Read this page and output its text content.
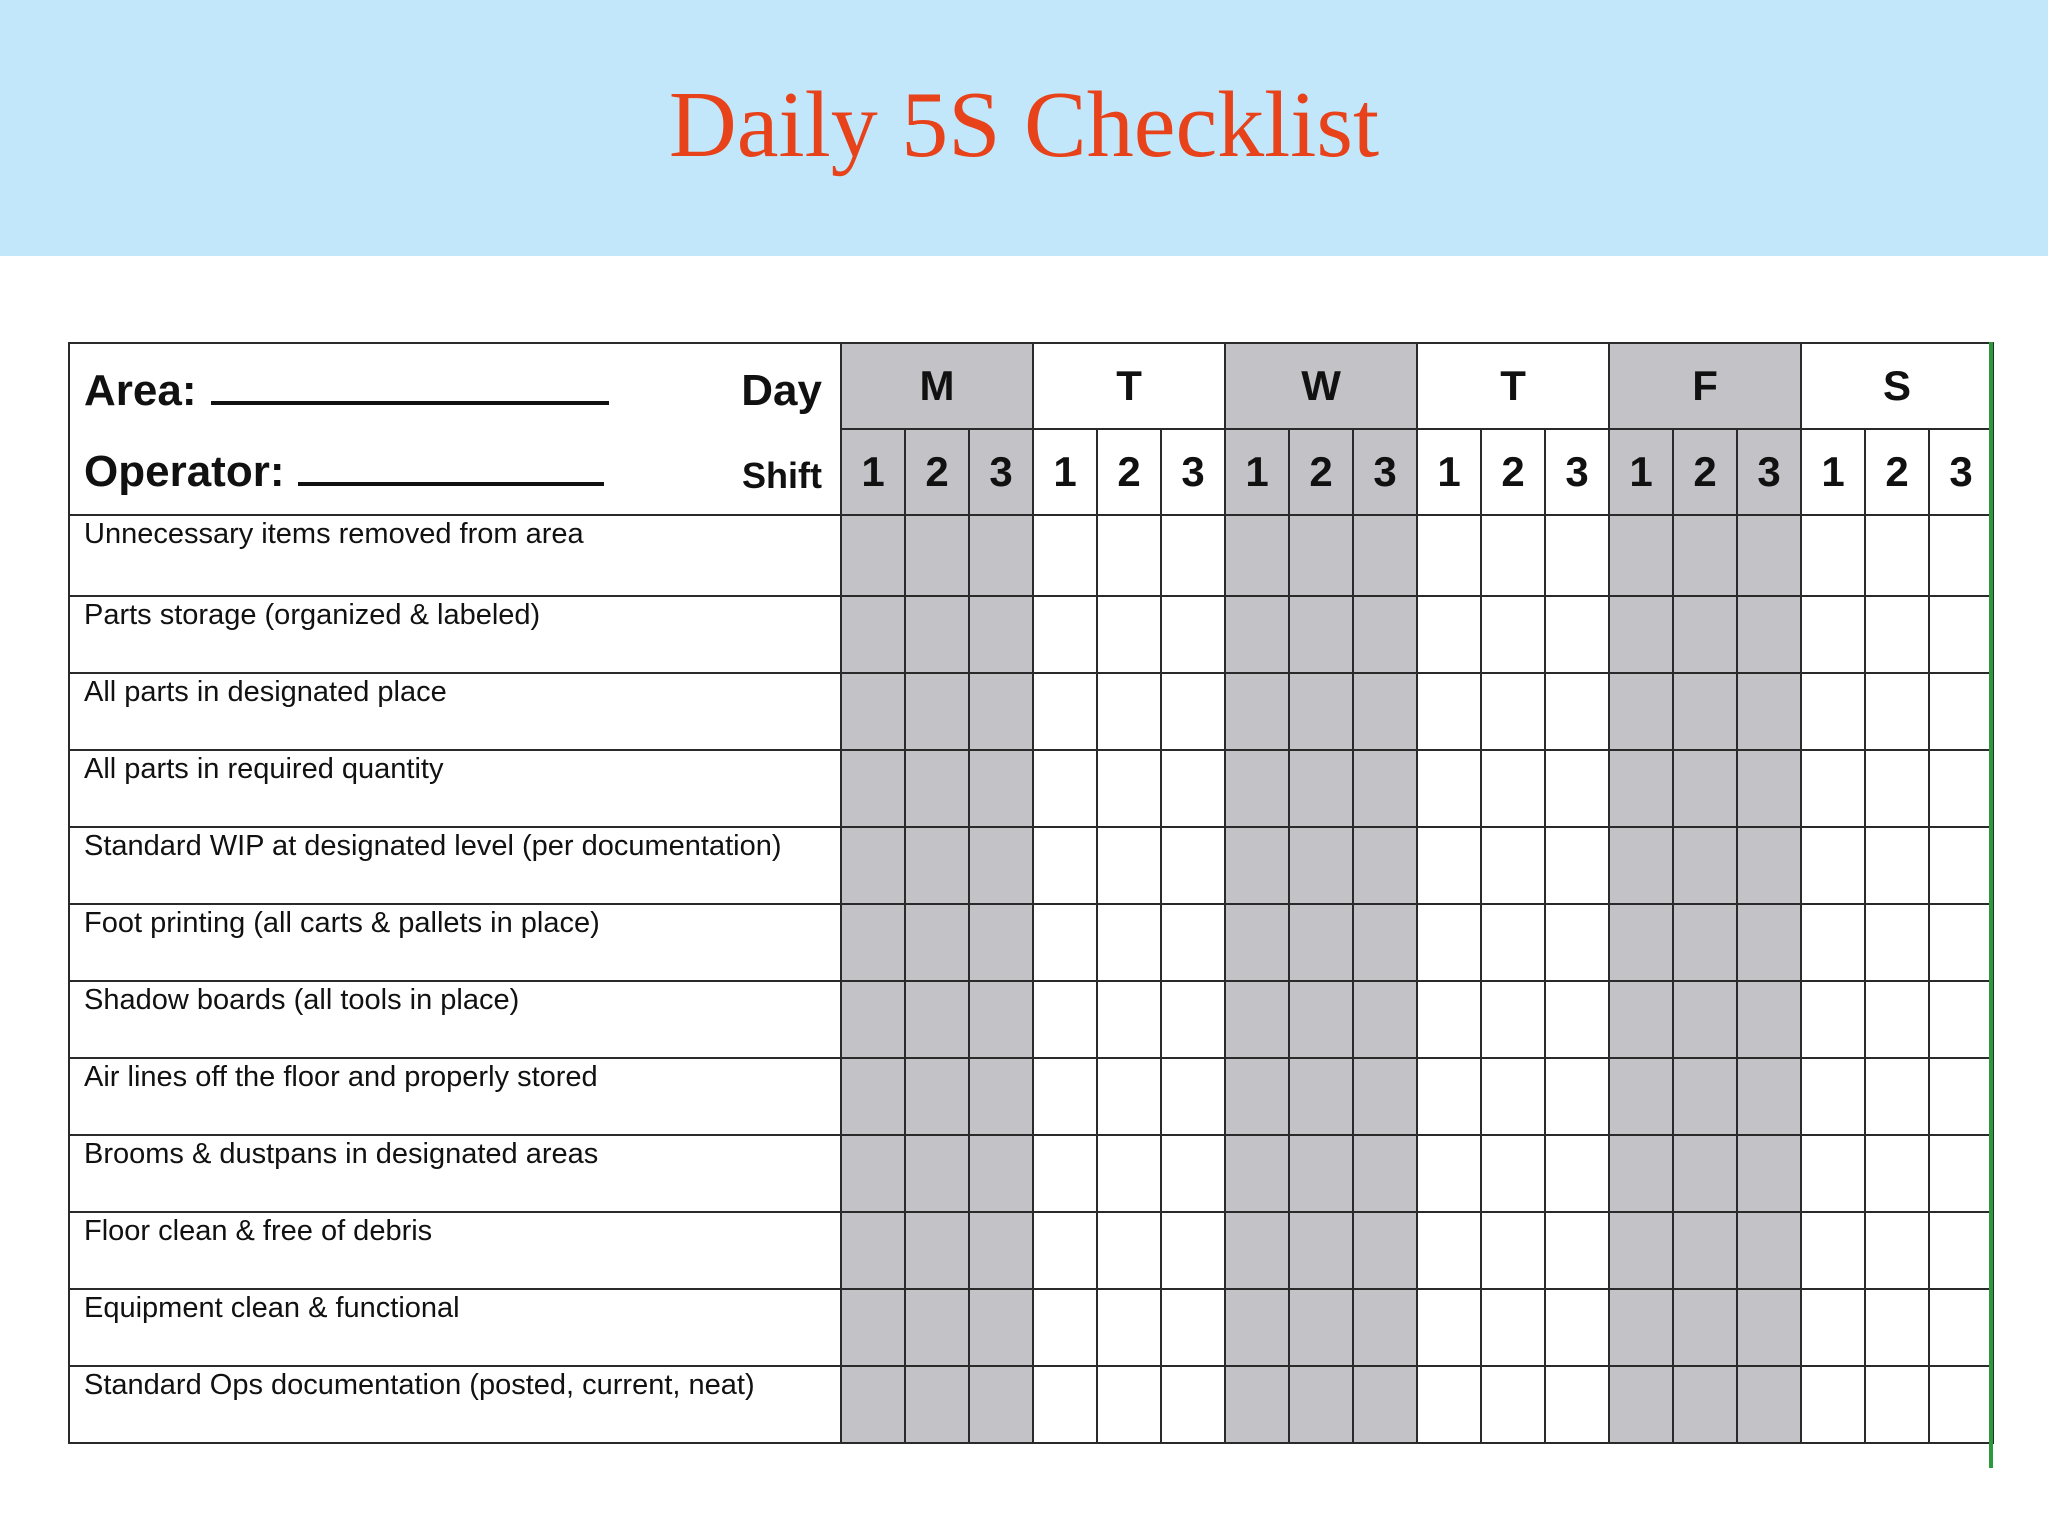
Daily 5S Checklist
Area: Day	M			T			W			T			F			S		

Operator: Shift	1	2	3	1	2	3	1	2	3	1	2	3	1	2	3	1	2	3
Unnecessary items removed from area																		
Parts storage (organized & labeled)																		
All parts in designated place																		
All parts in required quantity																		
Standard WIP at designated level (per documentation)																		
Foot printing (all carts & pallets in place)																		
Shadow boards (all tools in place)																		
Air lines off the floor and properly stored																		
Brooms & dustpans in designated areas																		
Floor clean & free of debris																		
Equipment clean & functional																		
Standard Ops documentation (posted, current, neat)																		
